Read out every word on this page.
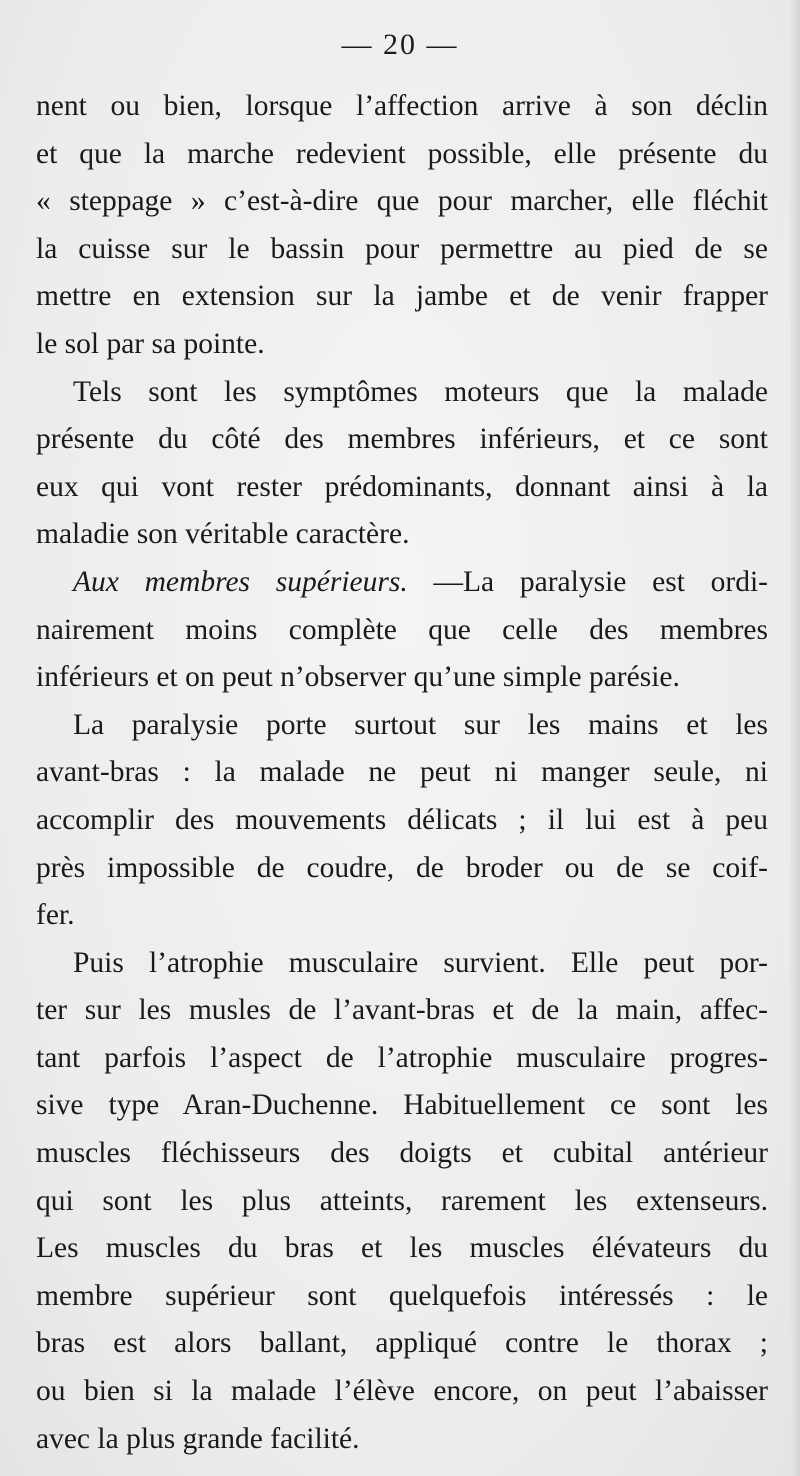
— 20 —

nent ou bien, lorsque l’affection arrive à son déclin
et que la marche redevient possible, elle présente du
« steppage » c’est-à-dire que pour marcher, elle fléchit
la cuisse sur le bassin pour permettre au pied de se
mettre en extension sur la jambe et de venir frapper
le sol par sa pointe.

Tels sont les symptômes moteurs que la malade
présente du côté des membres inférieurs, et ce sont
eux qui vont rester prédominants, donnant ainsi à la
maladie son véritable caractère.

Aux membres supérieurs. —La paralysie est ordi-
nairement moins complète que celle des membres
inférieurs et on peut n’observer qu’une simple parésie.

La paralysie porte surtout sur les mains et les
avant-bras : la malade ne peut ni manger seule, ni
accomplir des mouvements délicats ; il lui est à peu
près impossible de coudre, de broder ou de se coif-
fer.

Puis l’atrophie musculaire survient. Elle peut por-
ter sur les musles de l’avant-bras et de la main, affec-
tant parfois l’aspect de l’atrophie musculaire progres-
sive type Aran-Duchenne. Habituellement ce sont les
muscles fléchisseurs des doigts et cubital antérieur
qui sont les plus atteints, rarement les extenseurs.
Les muscles du bras et les muscles élévateurs du
membre supérieur sont quelquefois intéressés : le
bras est alors ballant, appliqué contre le thorax ;
ou bien si la malade l’élève encore, on peut l’abaisser
avec la plus grande facilité.
